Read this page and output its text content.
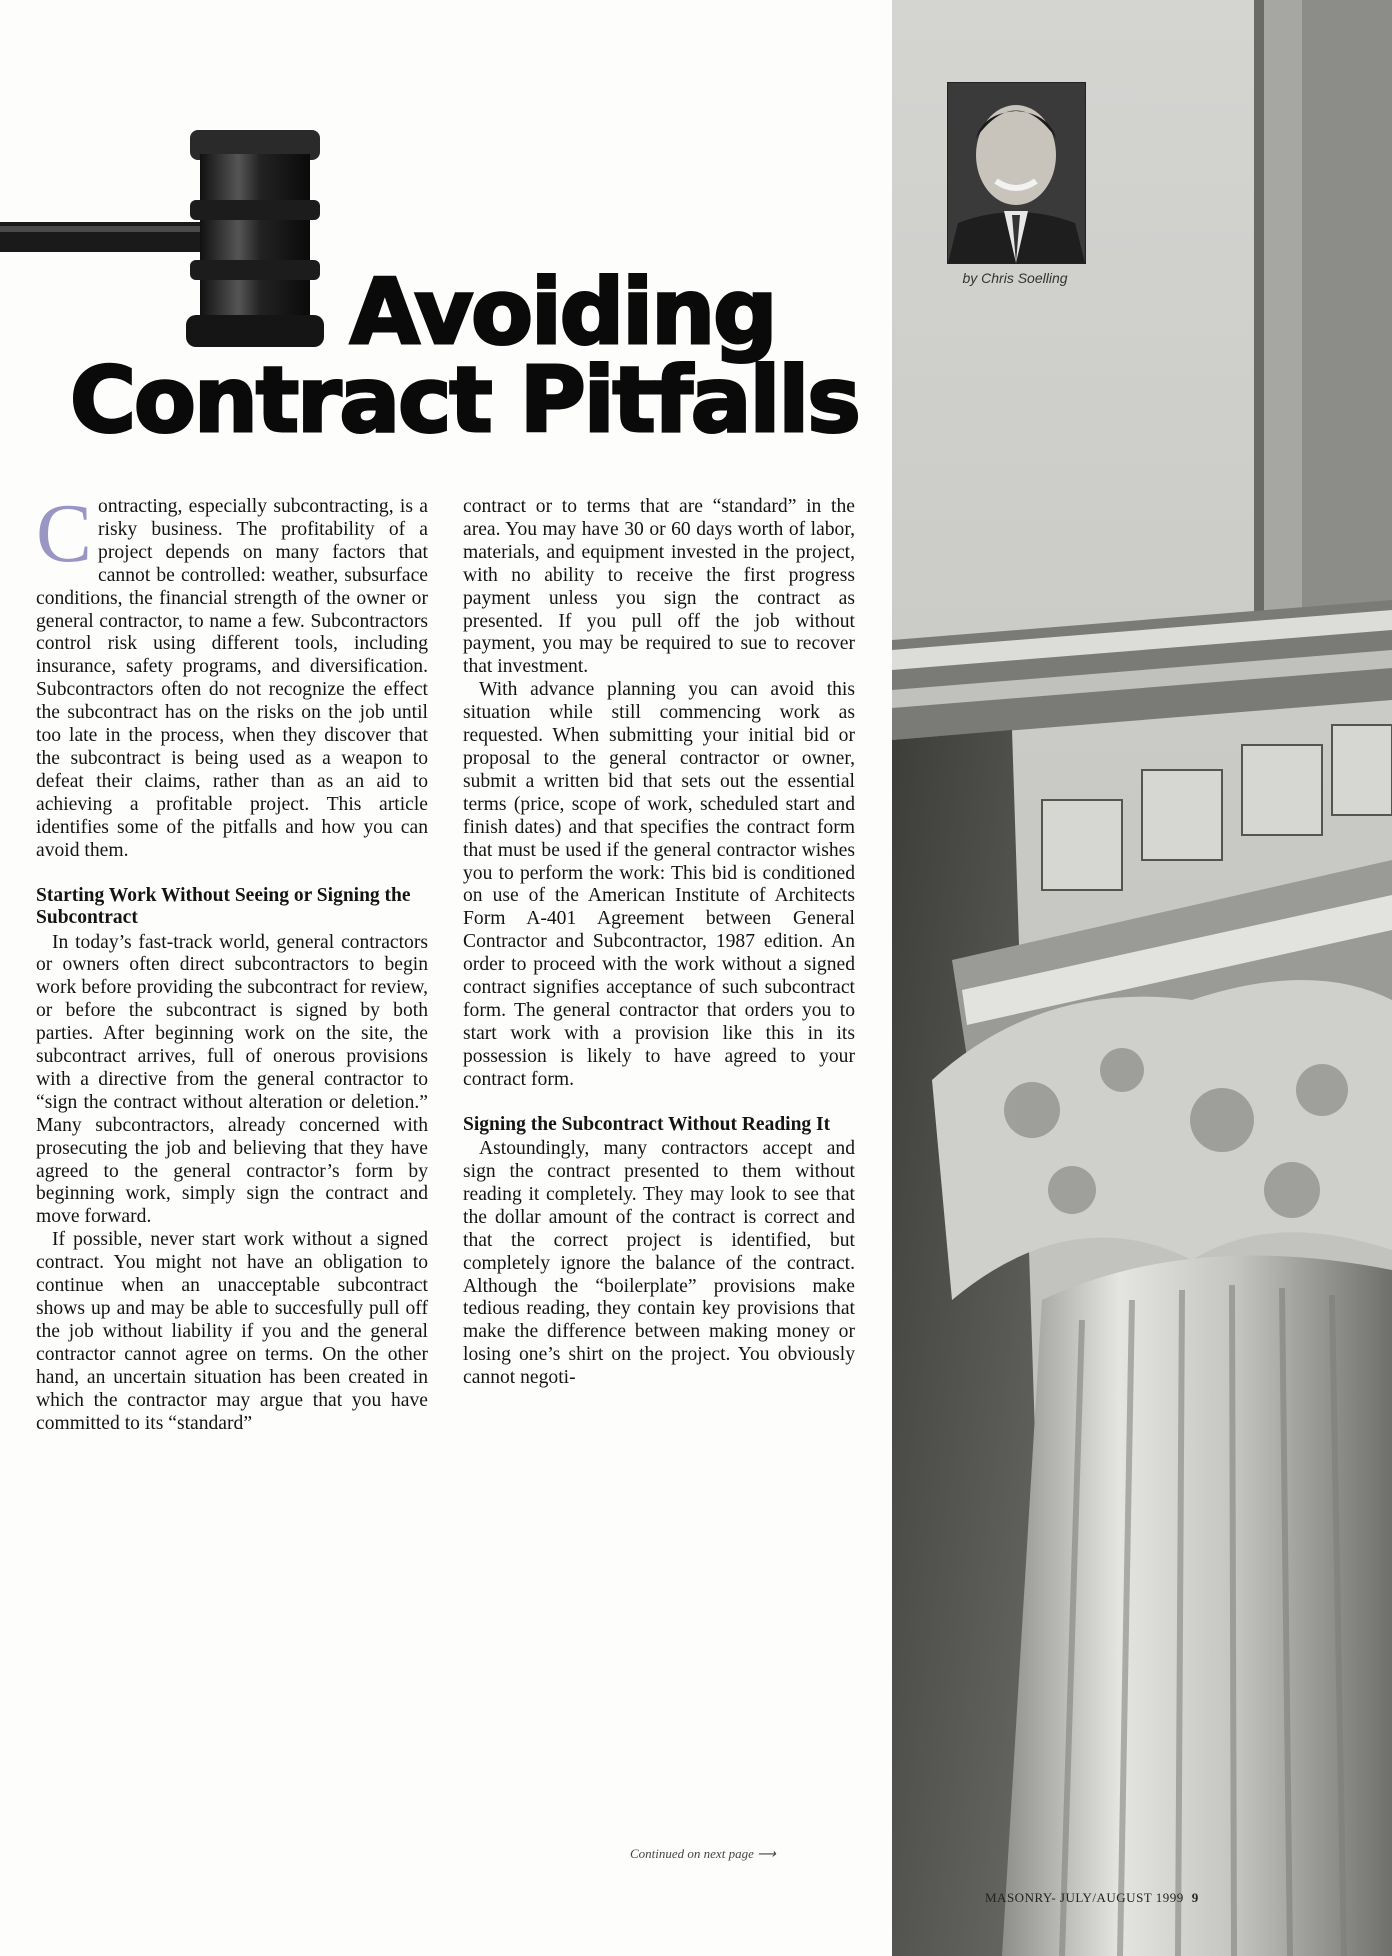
Avoiding
Contract Pitfalls
by Chris Soelling

Contracting, especially subcontracting, is a risky business. The profitability of a project depends on many factors that cannot be controlled: weather, subsurface conditions, the financial strength of the owner or general contractor, to name a few. Subcontractors control risk using different tools, including insurance, safety programs, and diversification. Subcontractors often do not recognize the effect the subcontract has on the risks on the job until too late in the process, when they discover that the subcontract is being used as a weapon to defeat their claims, rather than as an aid to achieving a profitable project. This article identifies some of the pitfalls and how you can avoid them.

Starting Work Without Seeing or Signing the Subcontract

In today’s fast-track world, general contractors or owners often direct subcontractors to begin work before providing the subcontract for review, or before the subcontract is signed by both parties. After beginning work on the site, the subcontract arrives, full of onerous provisions with a directive from the general contractor to “sign the contract without alteration or deletion.” Many subcontractors, already concerned with prosecuting the job and believing that they have agreed to the general contractor’s form by beginning work, simply sign the contract and move forward.

If possible, never start work without a signed contract. You might not have an obligation to continue when an unacceptable subcontract shows up and may be able to succesfully pull off the job without liability if you and the general contractor cannot agree on terms. On the other hand, an uncertain situation has been created in which the contractor may argue that you have committed to its “standard”

contract or to terms that are “standard” in the area. You may have 30 or 60 days worth of labor, materials, and equipment invested in the project, with no ability to receive the first progress payment unless you sign the contract as presented. If you pull off the job without payment, you may be required to sue to recover that investment.

With advance planning you can avoid this situation while still commencing work as requested. When submitting your initial bid or proposal to the general contractor or owner, submit a written bid that sets out the essential terms (price, scope of work, scheduled start and finish dates) and that specifies the contract form that must be used if the general contractor wishes you to perform the work: This bid is conditioned on use of the American Institute of Architects Form A-401 Agreement between General Contractor and Subcontractor, 1987 edition. An order to proceed with the work without a signed contract signifies acceptance of such subcontract form. The general contractor that orders you to start work with a provision like this in its possession is likely to have agreed to your contract form.

Signing the Subcontract Without Reading It

Astoundingly, many contractors accept and sign the contract presented to them without reading it completely. They may look to see that the dollar amount of the contract is correct and that the correct project is identified, but completely ignore the balance of the contract. Although the “boilerplate” provisions make tedious reading, they contain key provisions that make the difference between making money or losing one’s shirt on the project. You obviously cannot negoti-

Continued on next page ⟶
MASONRY- JULY/AUGUST 1999 9
